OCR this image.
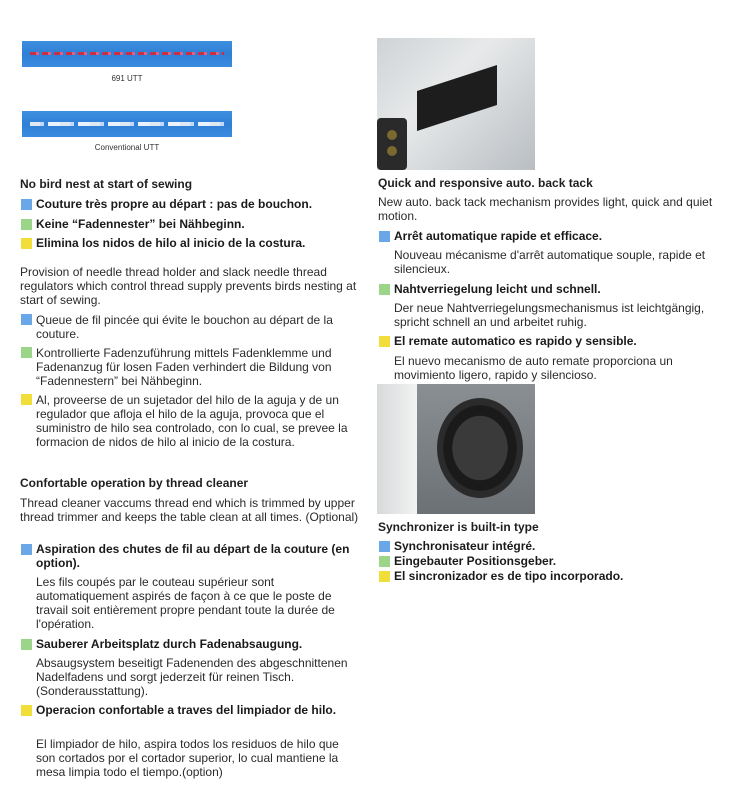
691 UTT
Conventional UTT
No bird nest at start of sewing
Couture très propre au départ : pas de bouchon.
Keine “Fadennester” bei Nähbeginn.
Elimina los nidos de hilo al inicio de la costura.
Provision of needle thread holder and slack needle thread regulators which control thread supply prevents birds nesting at start of sewing.
Queue de fil pincée qui évite le bouchon au départ de la couture.
Kontrollierte Fadenzuführung mittels Fadenklemme und Fadenanzug für losen Faden verhindert die Bildung von “Fadennestern” bei Nähbeginn.
Al, proveerse de un sujetador del hilo de la aguja y de un regulador que afloja el hilo de la aguja, provoca que el suministro de hilo sea controlado, con lo cual, se prevee la formacion de nidos de hilo al inicio de la costura.
Confortable operation by thread cleaner
Thread cleaner vaccums thread end which is trimmed by upper thread trimmer and keeps the table clean at all times. (Optional)
Aspiration des chutes de fil au départ de la couture (en option).
Les fils coupés par le couteau supérieur sont automatiquement aspirés de façon à ce que le poste de travail soit entièrement propre pendant toute la durée de l'opération.
Sauberer Arbeitsplatz durch Fadenabsaugung.
Absaugsystem beseitigt Fadenenden des abgeschnittenen Nadelfadens und sorgt jederzeit für reinen Tisch. (Sonderausstattung).
Operacion confortable a traves del limpiador de hilo.
El limpiador de hilo, aspira todos los residuos de hilo que son cortados por el cortador superior, lo cual mantiene la mesa limpia todo el tiempo.(option)
Quick and responsive auto. back tack
New auto. back tack mechanism provides light, quick and quiet motion.
Arrêt automatique rapide et efficace.
Nouveau mécanisme d'arrêt automatique souple, rapide et silencieux.
Nahtverriegelung leicht und schnell.
Der neue Nahtverriegelungsmechanismus ist leichtgängig, spricht schnell an und arbeitet ruhig.
El remate automatico es rapido y sensible.
El nuevo mecanismo de auto remate proporciona un movimiento ligero, rapido y silencioso.
Synchronizer is built-in type
Synchronisateur intégré.
Eingebauter Positionsgeber.
El sincronizador es de tipo incorporado.
